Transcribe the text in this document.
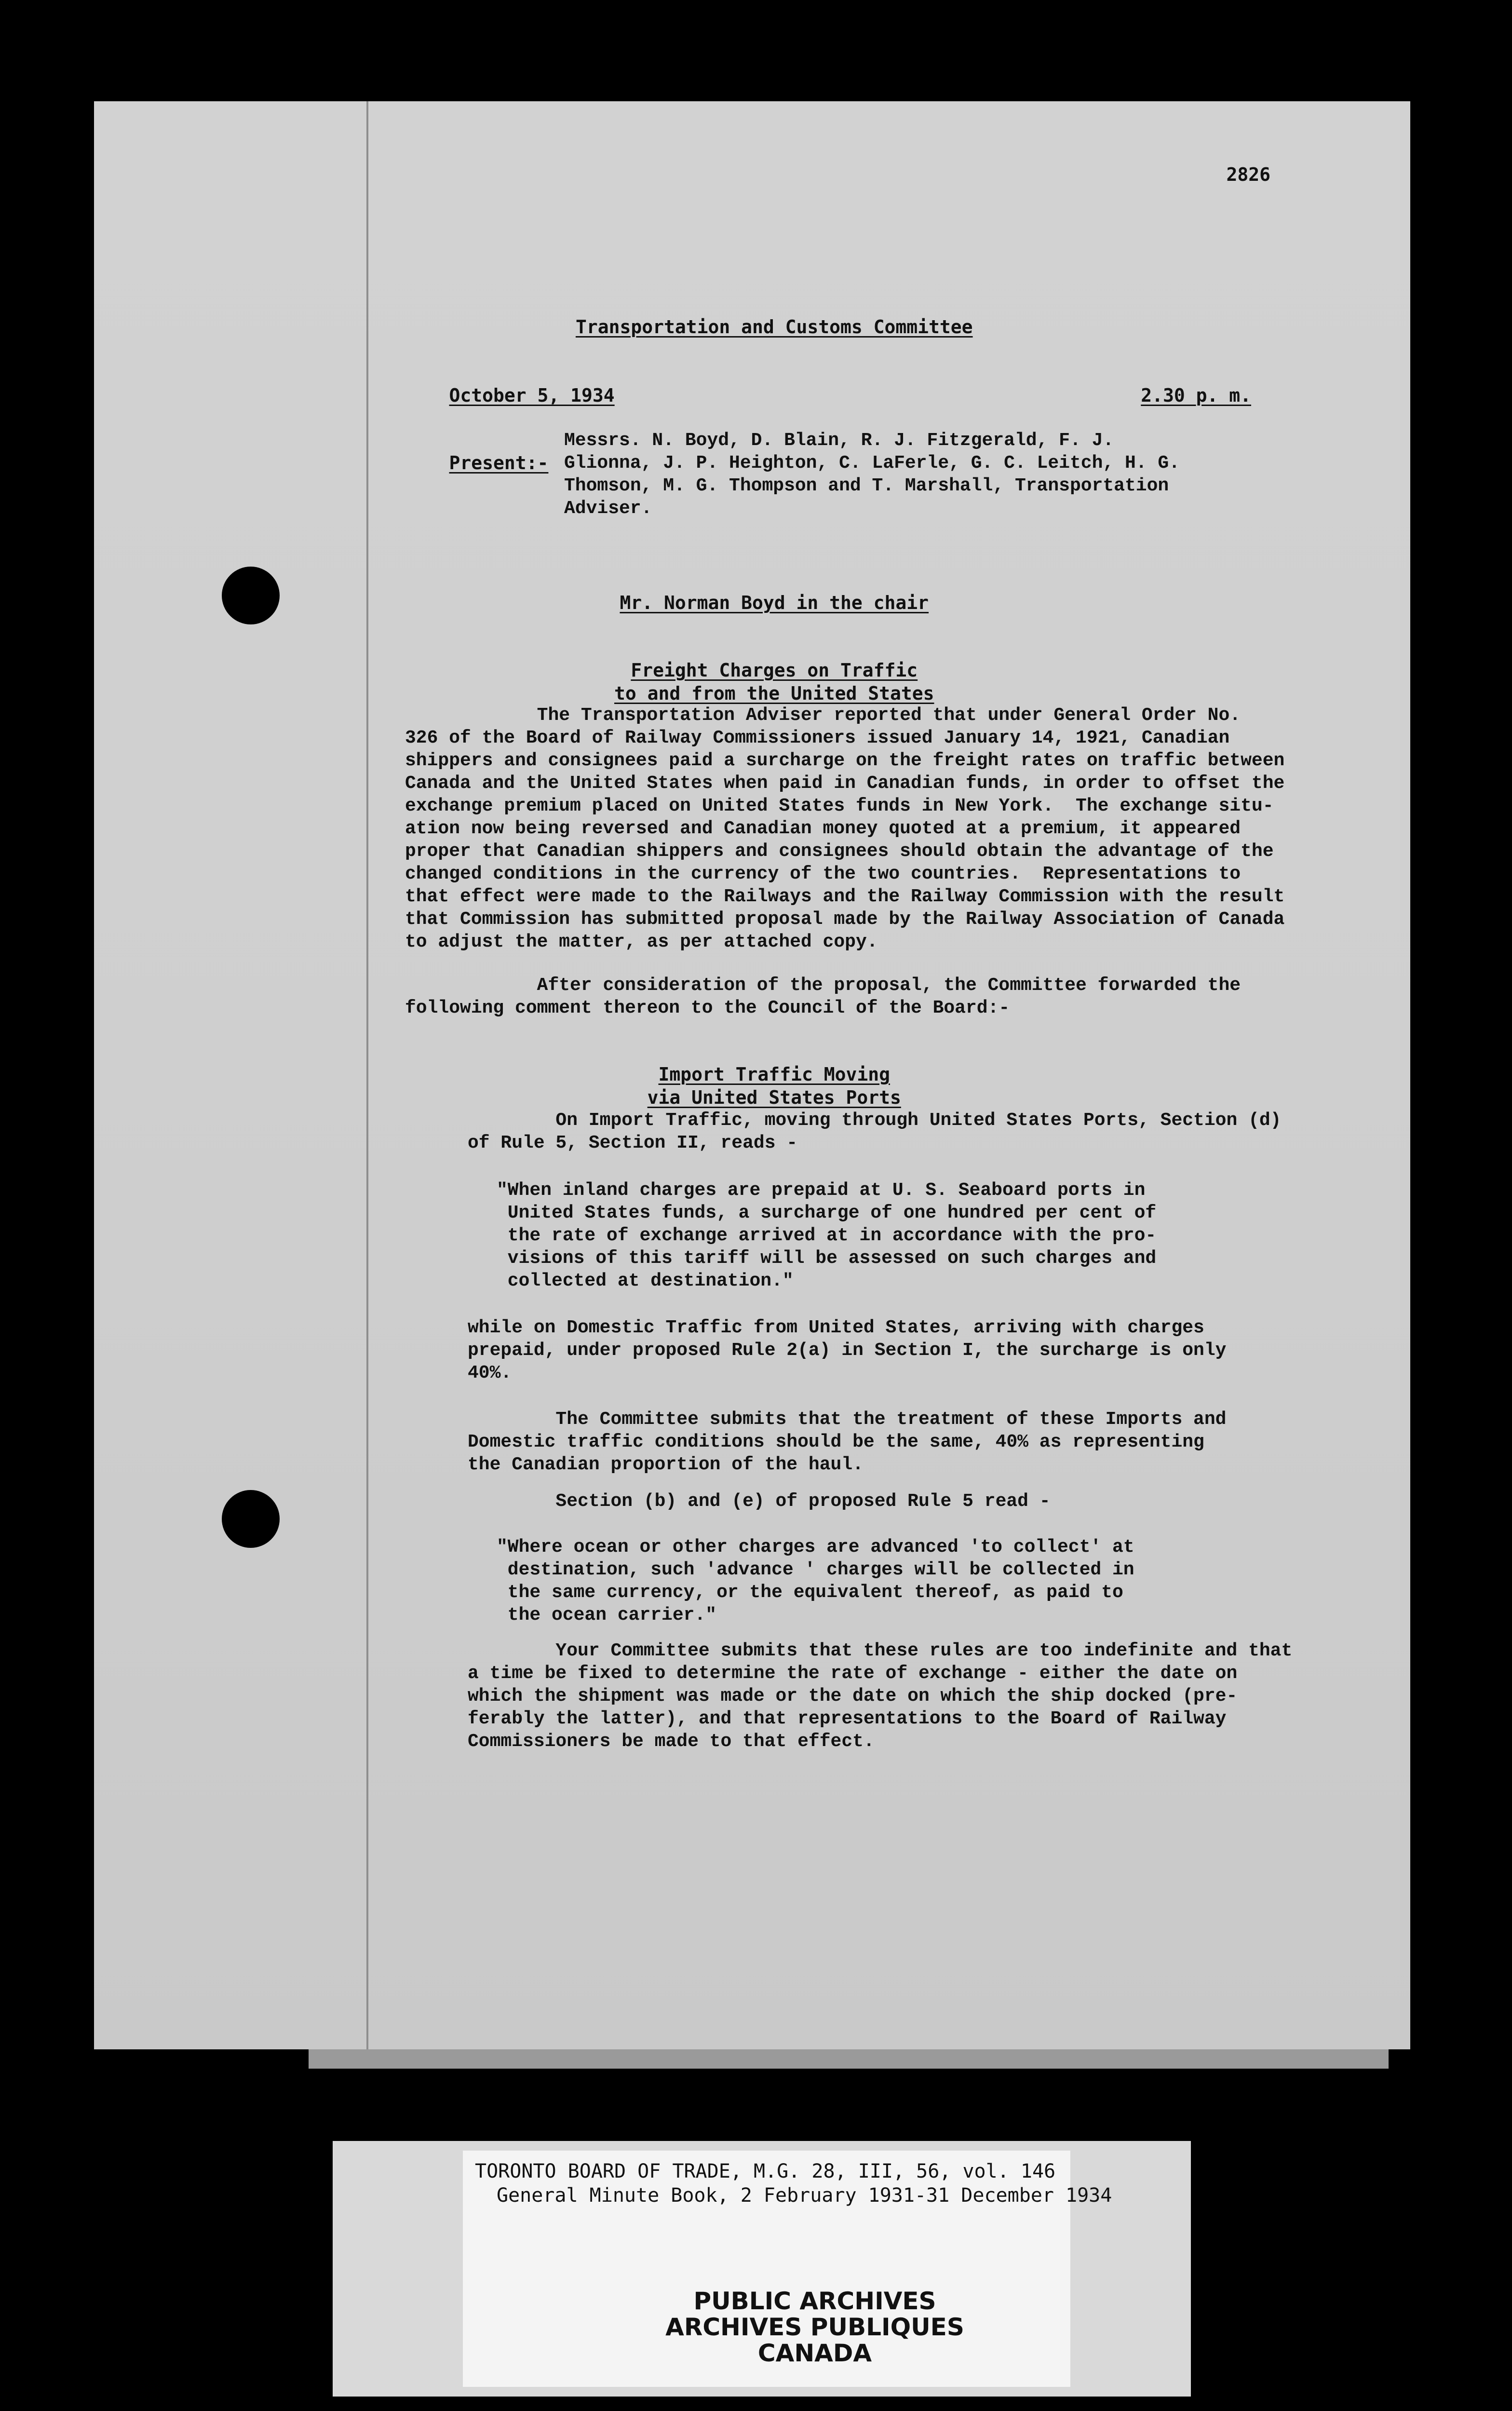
2826

Transportation and Customs Committee

October 5, 1934
	2.30 p. m.

Present:-

Messrs. N. Boyd, D. Blain, R. J. Fitzgerald, F. J.
Glionna, J. P. Heighton, C. LaFerle, G. C. Leitch, H. G.
Thomson, M. G. Thompson and T. Marshall, Transportation
Adviser.

Mr. Norman Boyd in the chair

Freight Charges on Traffic

to and from the United States

The Transportation Adviser reported that under General Order No.
326 of the Board of Railway Commissioners issued January 14, 1921, Canadian
shippers and consignees paid a surcharge on the freight rates on traffic between
Canada and the United States when paid in Canadian funds, in order to offset the
exchange premium placed on United States funds in New York.  The exchange situ-
ation now being reversed and Canadian money quoted at a premium, it appeared
proper that Canadian shippers and consignees should obtain the advantage of the
changed conditions in the currency of the two countries.  Representations to
that effect were made to the Railways and the Railway Commission with the result
that Commission has submitted proposal made by the Railway Association of Canada
to adjust the matter, as per attached copy.
After consideration of the proposal, the Committee forwarded the
following comment thereon to the Council of the Board:-

Import Traffic Moving

via United States Ports

On Import Traffic, moving through United States Ports, Section (d)
of Rule 5, Section II, reads -
"When inland charges are prepaid at U. S. Seaboard ports in
United States funds, a surcharge of one hundred per cent of
the rate of exchange arrived at in accordance with the pro-
visions of this tariff will be assessed on such charges and
collected at destination."
while on Domestic Traffic from United States, arriving with charges
prepaid, under proposed Rule 2(a) in Section I, the surcharge is only
40%.
The Committee submits that the treatment of these Imports and
Domestic traffic conditions should be the same, 40% as representing
the Canadian proportion of the haul.
Section (b) and (e) of proposed Rule 5 read -
"Where ocean or other charges are advanced 'to collect' at
destination, such 'advance ' charges will be collected in
the same currency, or the equivalent thereof, as paid to
the ocean carrier."
Your Committee submits that these rules are too indefinite and that
a time be fixed to determine the rate of exchange - either the date on
which the shipment was made or the date on which the ship docked (pre-
ferably the latter), and that representations to the Board of Railway
Commissioners be made to that effect.
TORONTO BOARD OF TRADE, M.G. 28, III, 56, vol. 146
General Minute Book, 2 February 1931-31 December 1934
PUBLIC ARCHIVES
ARCHIVES PUBLIQUES
CANADA
